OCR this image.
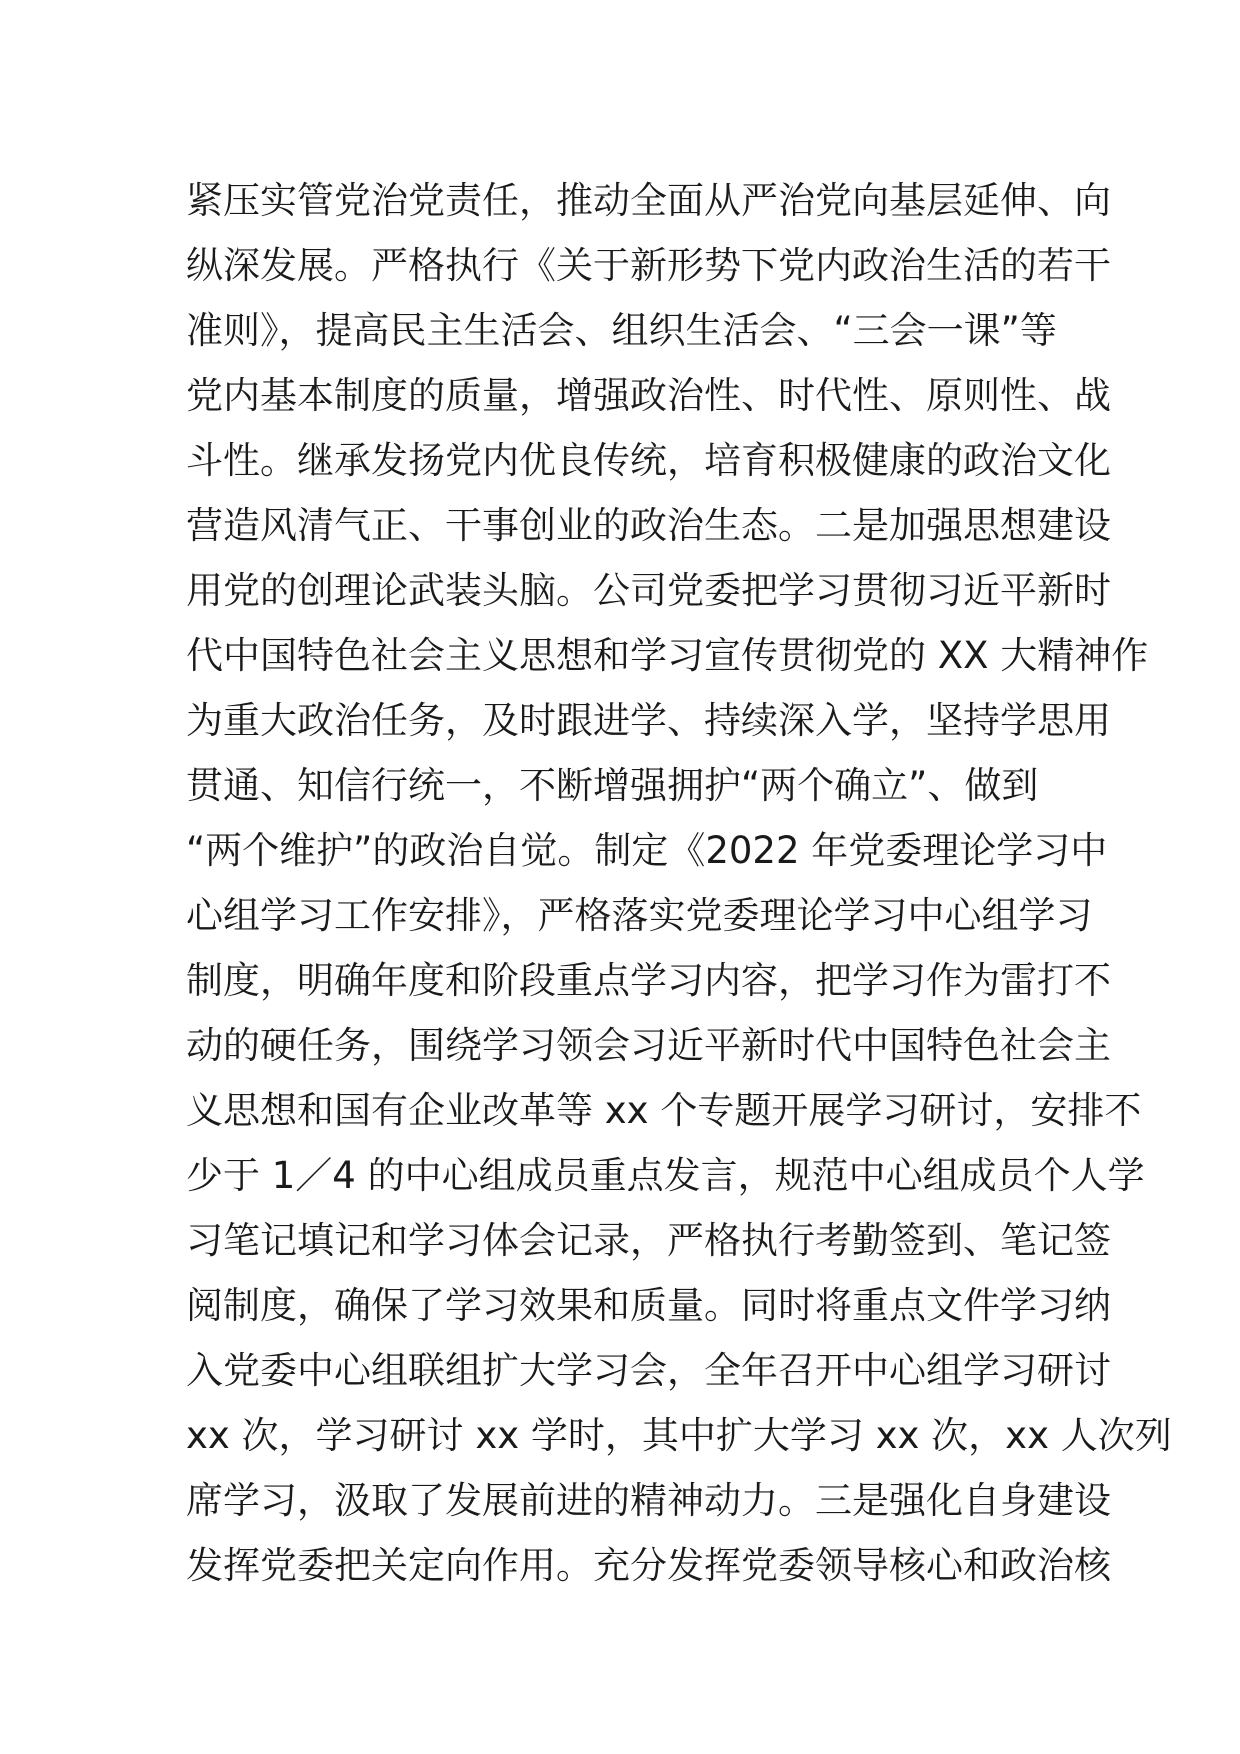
紧压实管党治党责任，推动全面从严治党向基层延伸、向
纵深发展。严格执行《关于新形势下党内政治生活的若干
准则》，提高民主生活会、组织生活会、“三会一课”等
党内基本制度的质量，增强政治性、时代性、原则性、战
斗性。继承发扬党内优良传统，培育积极健康的政治文化
营造风清气正、干事创业的政治生态。二是加强思想建设
用党的创理论武装头脑。公司党委把学习贯彻习近平新时
代中国特色社会主义思想和学习宣传贯彻党的 XX 大精神作
为重大政治任务，及时跟进学、持续深入学，坚持学思用
贯通、知信行统一，不断增强拥护“两个确立”、做到
“两个维护”的政治自觉。制定《2022 年党委理论学习中
心组学习工作安排》，严格落实党委理论学习中心组学习
制度，明确年度和阶段重点学习内容，把学习作为雷打不
动的硬任务，围绕学习领会习近平新时代中国特色社会主
义思想和国有企业改革等 xx 个专题开展学习研讨，安排不
少于 1／4 的中心组成员重点发言，规范中心组成员个人学
习笔记填记和学习体会记录，严格执行考勤签到、笔记签
阅制度，确保了学习效果和质量。同时将重点文件学习纳
入党委中心组联组扩大学习会，全年召开中心组学习研讨
xx 次，学习研讨 xx 学时，其中扩大学习 xx 次，xx 人次列
席学习，汲取了发展前进的精神动力。三是强化自身建设
发挥党委把关定向作用。充分发挥党委领导核心和政治核
